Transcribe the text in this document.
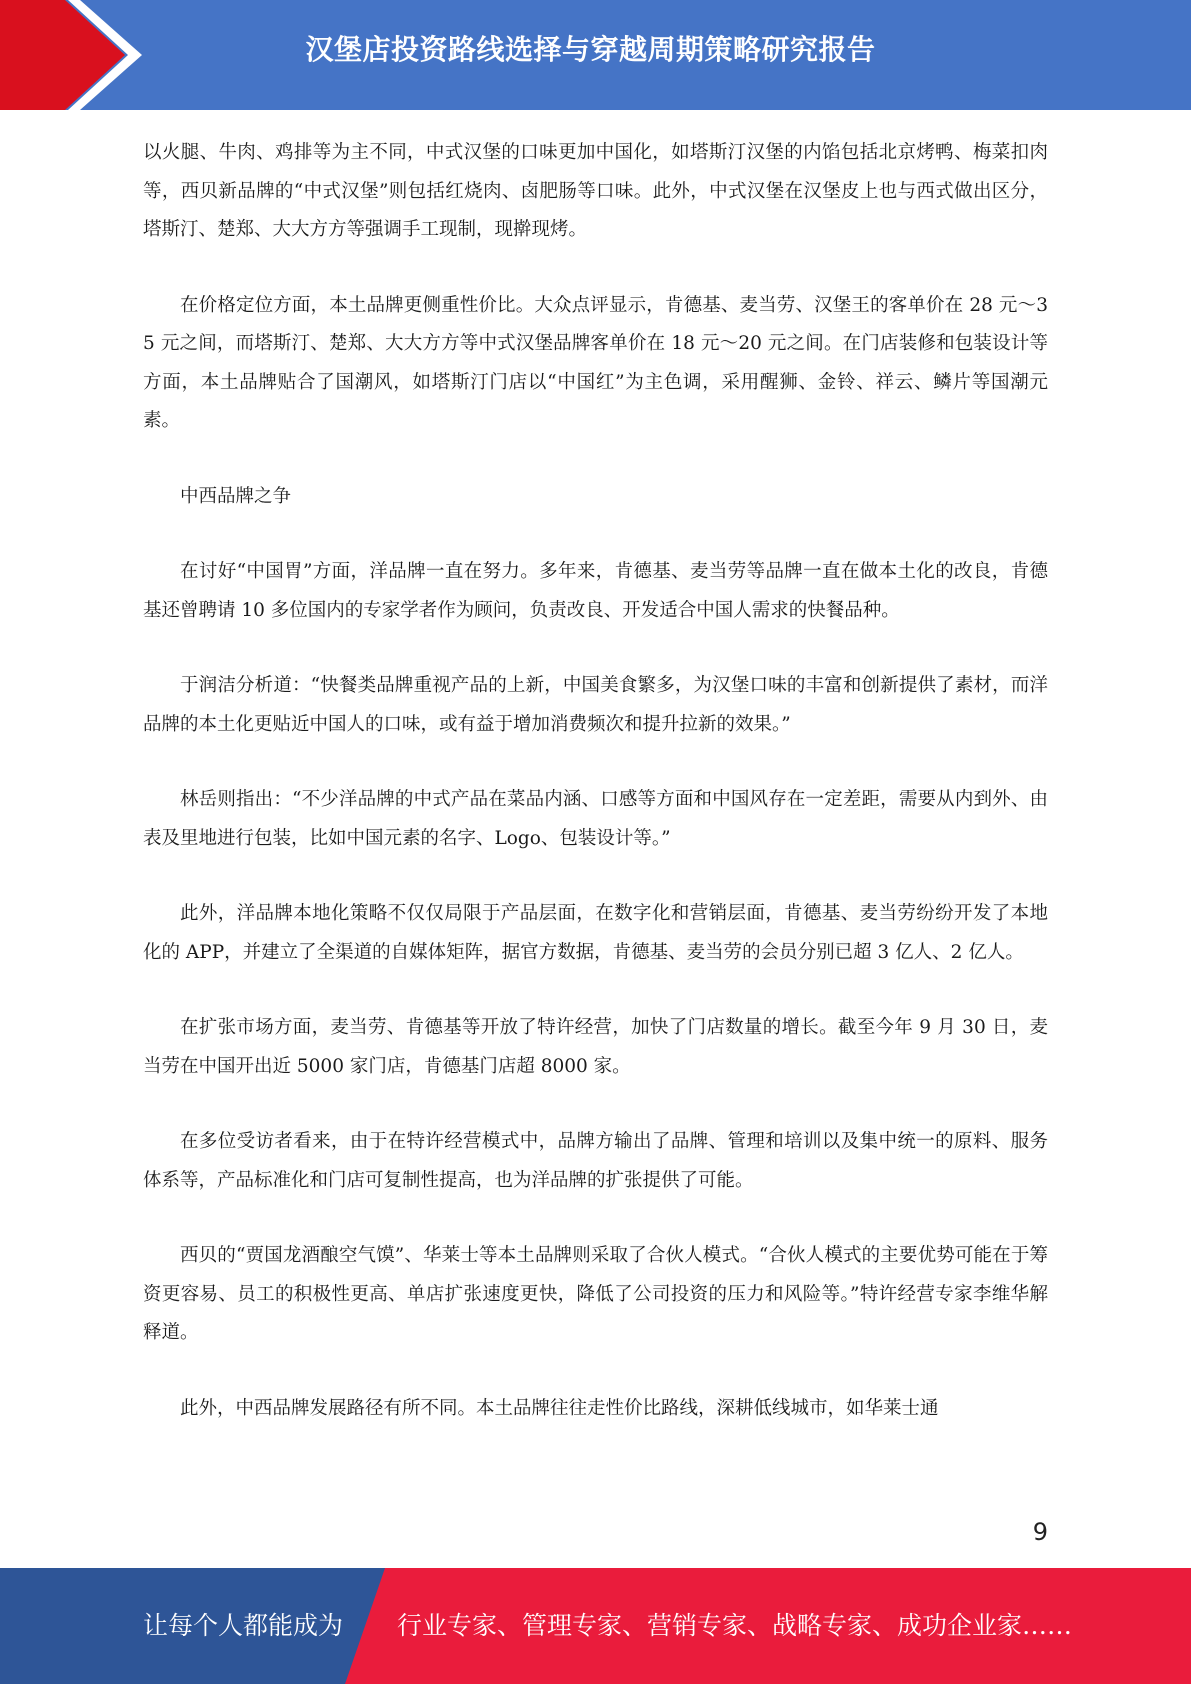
汉堡店投资路线选择与穿越周期策略研究报告

以火腿、牛肉、鸡排等为主不同，中式汉堡的口味更加中国化，如塔斯汀汉堡的内馅包括北京烤鸭、梅菜扣肉等，西贝新品牌的“中式汉堡”则包括红烧肉、卤肥肠等口味。此外，中式汉堡在汉堡皮上也与西式做出区分，塔斯汀、楚郑、大大方方等强调手工现制，现擀现烤。

在价格定位方面，本土品牌更侧重性价比。大众点评显示，肯德基、麦当劳、汉堡王的客单价在 28 元～35 元之间，而塔斯汀、楚郑、大大方方等中式汉堡品牌客单价在 18 元～20 元之间。在门店装修和包装设计等方面，本土品牌贴合了国潮风，如塔斯汀门店以“中国红”为主色调，采用醒狮、金铃、祥云、鳞片等国潮元素。

中西品牌之争

在讨好“中国胃”方面，洋品牌一直在努力。多年来，肯德基、麦当劳等品牌一直在做本土化的改良，肯德基还曾聘请 10 多位国内的专家学者作为顾问，负责改良、开发适合中国人需求的快餐品种。

于润洁分析道：“快餐类品牌重视产品的上新，中国美食繁多，为汉堡口味的丰富和创新提供了素材，而洋品牌的本土化更贴近中国人的口味，或有益于增加消费频次和提升拉新的效果。”

林岳则指出：“不少洋品牌的中式产品在菜品内涵、口感等方面和中国风存在一定差距，需要从内到外、由表及里地进行包装，比如中国元素的名字、Logo、包装设计等。”

此外，洋品牌本地化策略不仅仅局限于产品层面，在数字化和营销层面，肯德基、麦当劳纷纷开发了本地化的 APP，并建立了全渠道的自媒体矩阵，据官方数据，肯德基、麦当劳的会员分别已超 3 亿人、2 亿人。

在扩张市场方面，麦当劳、肯德基等开放了特许经营，加快了门店数量的增长。截至今年 9 月 30 日，麦当劳在中国开出近 5000 家门店，肯德基门店超 8000 家。

在多位受访者看来，由于在特许经营模式中，品牌方输出了品牌、管理和培训以及集中统一的原料、服务体系等，产品标准化和门店可复制性提高，也为洋品牌的扩张提供了可能。

西贝的“贾国龙酒酿空气馍”、华莱士等本土品牌则采取了合伙人模式。“合伙人模式的主要优势可能在于筹资更容易、员工的积极性更高、单店扩张速度更快，降低了公司投资的压力和风险等。”特许经营专家李维华解释道。

此外，中西品牌发展路径有所不同。本土品牌往往走性价比路线，深耕低线城市，如华莱士通

9
让每个人都能成为 行业专家、管理专家、营销专家、战略专家、成功企业家……
